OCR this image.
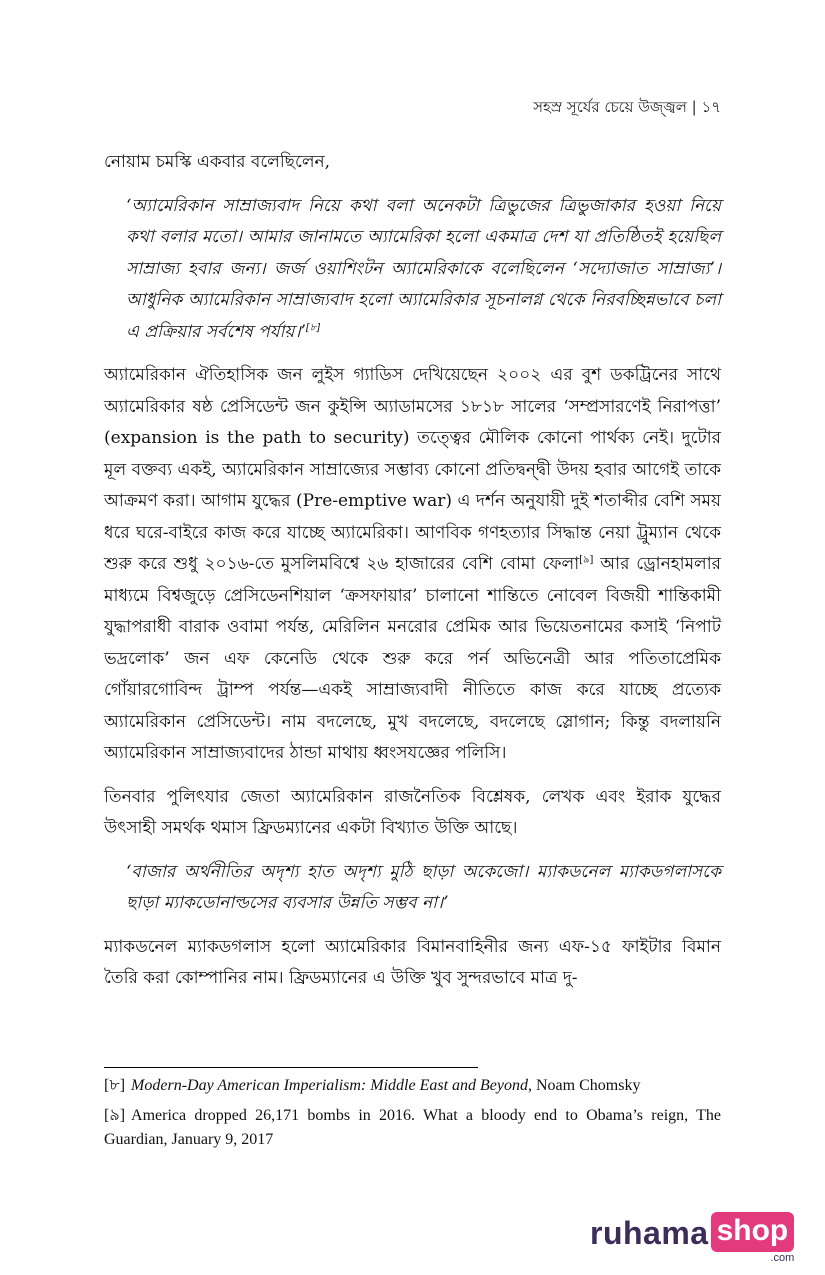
সহস্র সূর্যের চেয়ে উজ্জ্বল | ১৭

নোয়াম চমস্কি একবার বলেছিলেন,

‘অ্যামেরিকান সাম্রাজ্যবাদ নিয়ে কথা বলা অনেকটা ত্রিভুজের ত্রিভুজাকার হওয়া নিয়ে কথা বলার মতো। আমার জানামতে অ্যামেরিকা হলো একমাত্র দেশ যা প্রতিষ্ঠিতই হয়েছিল সাম্রাজ্য হবার জন্য। জর্জ ওয়াশিংটন অ্যামেরিকাকে বলেছিলেন ‘সদ্যোজাত সাম্রাজ্য’। আধুনিক অ্যামেরিকান সাম্রাজ্যবাদ হলো অ্যামেরিকার সূচনালগ্ন থেকে নিরবচ্ছিন্নভাবে চলা এ প্রক্রিয়ার সর্বশেষ পর্যায়।’[৮]

অ্যামেরিকান ঐতিহাসিক জন লুইস গ্যাডিস দেখিয়েছেন ২০০২ এর বুশ ডকট্রিনের সাথে অ্যামেরিকার ষষ্ঠ প্রেসিডেন্ট জন কুইন্সি অ্যাডামসের ১৮১৮ সালের ‘সম্প্রসারণেই নিরাপত্তা’ (expansion is the path to security) তত্ত্বের মৌলিক কোনো পার্থক্য নেই। দুটোর মূল বক্তব্য একই, অ্যামেরিকান সাম্রাজ্যের সম্ভাব্য কোনো প্রতিদ্বন্দ্বী উদয় হবার আগেই তাকে আক্রমণ করা। আগাম যুদ্ধের (Pre-emptive war) এ দর্শন অনুযায়ী দুই শতাব্দীর বেশি সময় ধরে ঘরে-বাইরে কাজ করে যাচ্ছে অ্যামেরিকা। আণবিক গণহত্যার সিদ্ধান্ত নেয়া ট্রুম্যান থেকে শুরু করে শুধু ২০১৬-তে মুসলিমবিশ্বে ২৬ হাজারের বেশি বোমা ফেলা[৯] আর ড্রোনহামলার মাধ্যমে বিশ্বজুড়ে প্রেসিডেনশিয়াল ‘ক্রসফায়ার’ চালানো শান্তিতে নোবেল বিজয়ী শান্তিকামী যুদ্ধাপরাধী বারাক ওবামা পর্যন্ত, মেরিলিন মনরোর প্রেমিক আর ভিয়েতনামের কসাই ‘নিপাট ভদ্রলোক’ জন এফ কেনেডি থেকে শুরু করে পর্ন অভিনেত্রী আর পতিতাপ্রেমিক গোঁয়ারগোবিন্দ ট্রাম্প পর্যন্ত—একই সাম্রাজ্যবাদী নীতিতে কাজ করে যাচ্ছে প্রত্যেক অ্যামেরিকান প্রেসিডেন্ট। নাম বদলেছে, মুখ বদলেছে, বদলেছে স্লোগান; কিন্তু বদলায়নি অ্যামেরিকান সাম্রাজ্যবাদের ঠান্ডা মাথায় ধ্বংসযজ্ঞের পলিসি।

তিনবার পুলিৎযার জেতা অ্যামেরিকান রাজনৈতিক বিশ্লেষক, লেখক এবং ইরাক যুদ্ধের উৎসাহী সমর্থক থমাস ফ্রিডম্যানের একটা বিখ্যাত উক্তি আছে।

‘বাজার অর্থনীতির অদৃশ্য হাত অদৃশ্য মুঠি ছাড়া অকেজো। ম্যাকডনেল ম্যাকডগলাসকে ছাড়া ম্যাকডোনাল্ডসের ব্যবসার উন্নতি সম্ভব না।’

ম্যাকডনেল ম্যাকডগলাস হলো অ্যামেরিকার বিমানবাহিনীর জন্য এফ-১৫ ফাইটার বিমান তৈরি করা কোম্পানির নাম। ফ্রিডম্যানের এ উক্তি খুব সুন্দরভাবে মাত্র দু-

[৮] Modern-Day American Imperialism: Middle East and Beyond, Noam Chomsky

[৯] America dropped 26,171 bombs in 2016. What a bloody end to Obama’s reign, The Guardian, January 9, 2017

ruhama shop
.com
